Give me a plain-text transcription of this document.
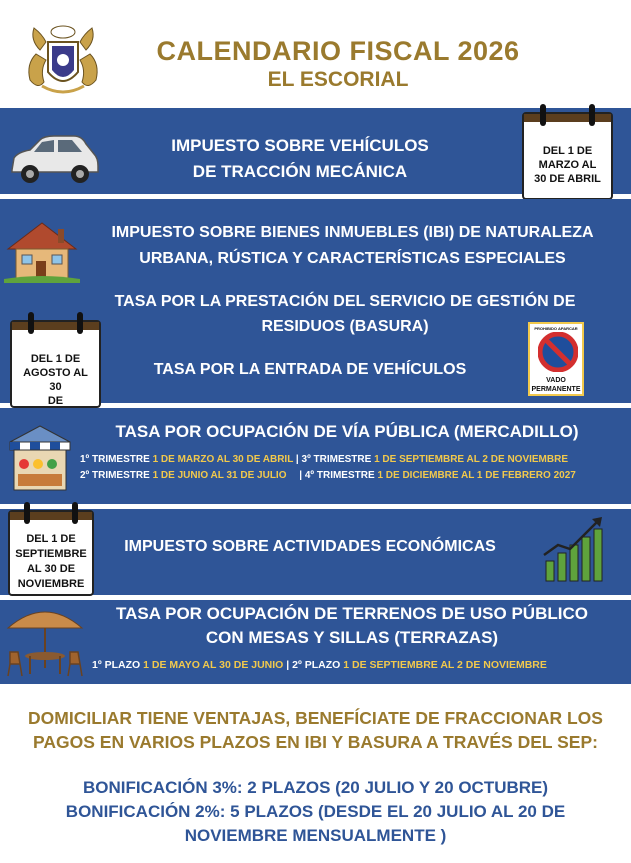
CALENDARIO FISCAL 2026
EL ESCORIAL
IMPUESTO SOBRE VEHÍCULOS
DE TRACCIÓN MECÁNICA
DEL 1 DE
MARZO AL
30 DE ABRIL
IMPUESTO SOBRE BIENES INMUEBLES (IBI) DE NATURALEZA
URBANA, RÚSTICA Y CARACTERÍSTICAS ESPECIALES
TASA POR LA PRESTACIÓN DEL SERVICIO DE GESTIÓN DE
RESIDUOS (BASURA)
TASA POR LA ENTRADA DE VEHÍCULOS
PROHIBIDO APARCAR
VADO
PERMANENTE
DEL 1 DE
AGOSTO AL 30
DE
TASA POR OCUPACIÓN DE VÍA PÚBLICA (MERCADILLO)
1º TRIMESTRE 1 DE MARZO AL 30 DE ABRIL | 3º TRIMESTRE 1 DE SEPTIEMBRE AL 2 DE NOVIEMBRE
2º TRIMESTRE 1 DE JUNIO AL 31 DE JULIO | 4º TRIMESTRE 1 DE DICIEMBRE AL 1 DE FEBRERO 2027
IMPUESTO SOBRE ACTIVIDADES ECONÓMICAS
DEL 1 DE
SEPTIEMBRE
AL 30 DE
NOVIEMBRE
TASA POR OCUPACIÓN DE TERRENOS DE USO PÚBLICO
CON MESAS Y SILLAS (TERRAZAS)
1º PLAZO 1 DE MAYO AL 30 DE JUNIO | 2º PLAZO 1 DE SEPTIEMBRE AL 2 DE NOVIEMBRE
DOMICILIAR TIENE VENTAJAS, BENEFÍCIATE DE FRACCIONAR LOS
PAGOS EN VARIOS PLAZOS EN IBI Y BASURA A TRAVÉS DEL SEP:
BONIFICACIÓN 3%: 2 PLAZOS (20 JULIO Y 20 OCTUBRE)
BONIFICACIÓN 2%: 5 PLAZOS (DESDE EL 20 JULIO AL 20 DE
NOVIEMBRE MENSUALMENTE )
